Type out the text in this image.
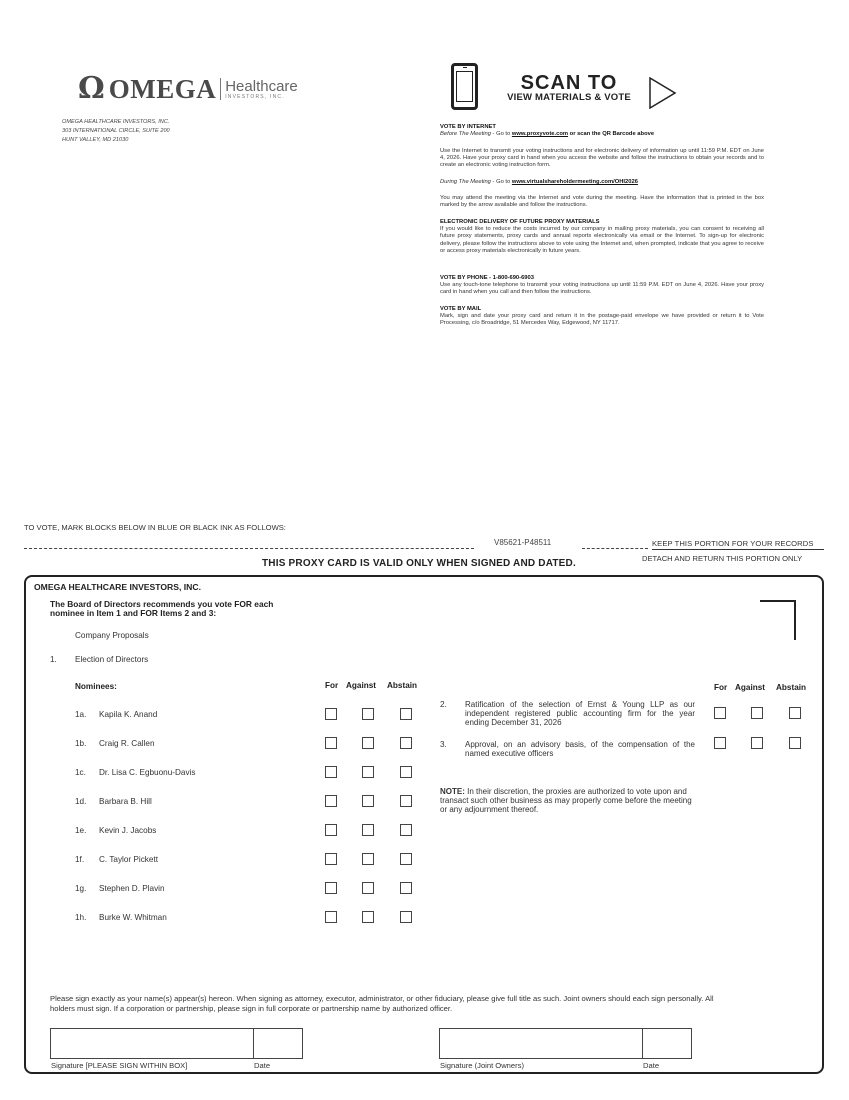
Ω OMEGA Healthcare
INVESTORS, INC.
OMEGA HEALTHCARE INVESTORS, INC.
303 INTERNATIONAL CIRCLE, SUITE 200
HUNT VALLEY, MD 21030
SCAN TO
VIEW MATERIALS & VOTE
VOTE BY INTERNET
Before The Meeting - Go to www.proxyvote.com or scan the QR Barcode above
Use the Internet to transmit your voting instructions and for electronic delivery of information up until 11:59 P.M. EDT on June 4, 2026. Have your proxy card in hand when you access the website and follow the instructions to obtain your records and to create an electronic voting instruction form.
During The Meeting - Go to www.virtualshareholdermeeting.com/OHI2026
You may attend the meeting via the Internet and vote during the meeting. Have the information that is printed in the box marked by the arrow available and follow the instructions.
ELECTRONIC DELIVERY OF FUTURE PROXY MATERIALS
If you would like to reduce the costs incurred by our company in mailing proxy materials, you can consent to receiving all future proxy statements, proxy cards and annual reports electronically via email or the Internet. To sign-up for electronic delivery, please follow the instructions above to vote using the Internet and, when prompted, indicate that you agree to receive or access proxy materials electronically in future years.
VOTE BY PHONE - 1-800-690-6903
Use any touch-tone telephone to transmit your voting instructions up until 11:59 P.M. EDT on June 4, 2026. Have your proxy card in hand when you call and then follow the instructions.
VOTE BY MAIL
Mark, sign and date your proxy card and return it in the postage-paid envelope we have provided or return it to Vote Processing, c/o Broadridge, 51 Mercedes Way, Edgewood, NY 11717.
TO VOTE, MARK BLOCKS BELOW IN BLUE OR BLACK INK AS FOLLOWS:
V85621-P48511	KEEP THIS PORTION FOR YOUR RECORDS
THIS PROXY CARD IS VALID ONLY WHEN SIGNED AND DATED.	DETACH AND RETURN THIS PORTION ONLY
OMEGA HEALTHCARE INVESTORS, INC.
The Board of Directors recommends you vote FOR each
nominee in Item 1 and FOR Items 2 and 3:
Company Proposals
1. Election of Directors
Nominees:	For Against Abstain	For Against Abstain
1a. Kapila K. Anand
1b. Craig R. Callen
1c. Dr. Lisa C. Egbuonu-Davis
1d. Barbara B. Hill
1e. Kevin J. Jacobs
1f. C. Taylor Pickett
1g. Stephen D. Plavin
1h. Burke W. Whitman
2. Ratification of the selection of Ernst & Young LLP as our independent registered public accounting firm for the year ending December 31, 2026
3. Approval, on an advisory basis, of the compensation of the named executive officers
NOTE: In their discretion, the proxies are authorized to vote upon and transact such other business as may properly come before the meeting or any adjournment thereof.
Please sign exactly as your name(s) appear(s) hereon. When signing as attorney, executor, administrator, or other fiduciary, please give full title as such. Joint owners should each sign personally. All holders must sign. If a corporation or partnership, please sign in full corporate or partnership name by authorized officer.
Signature [PLEASE SIGN WITHIN BOX]	Date	Signature (Joint Owners)	Date
